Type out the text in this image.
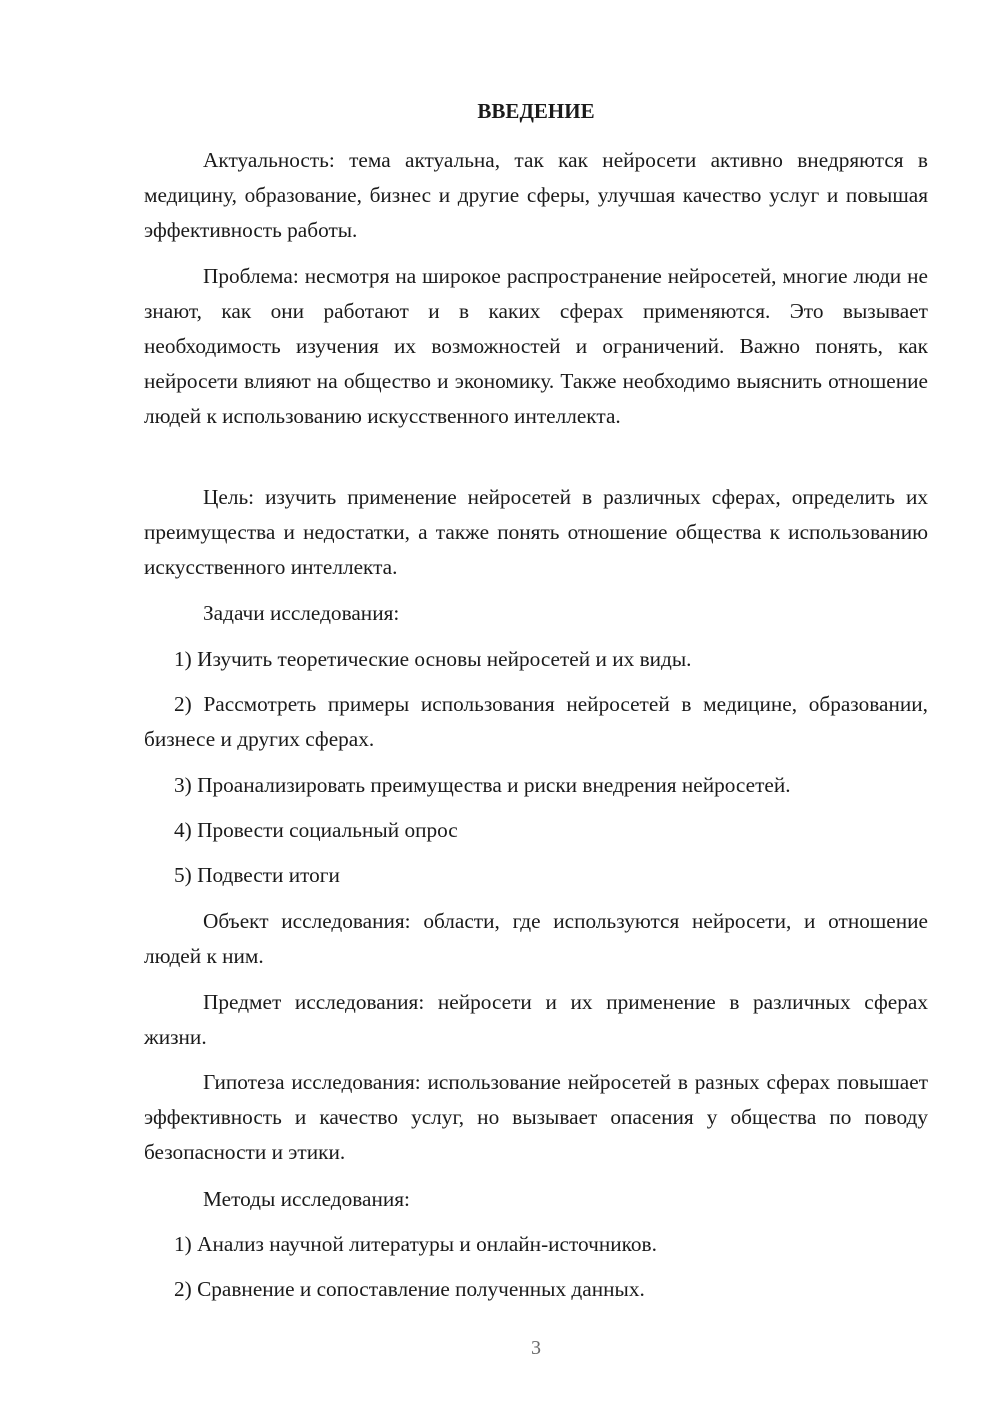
ВВЕДЕНИЕ

Актуальность: тема актуальна, так как нейросети активно внедряются в медицину, образование, бизнес и другие сферы, улучшая качество услуг и повышая эффективность работы.

Проблема: несмотря на широкое распространение нейросетей, многие люди не знают, как они работают и в каких сферах применяются. Это вызывает необходимость изучения их возможностей и ограничений. Важно понять, как нейросети влияют на общество и экономику. Также необходимо выяснить отношение людей к использованию искусственного интеллекта.

Цель: изучить применение нейросетей в различных сферах, определить их преимущества и недостатки, а также понять отношение общества к использованию искусственного интеллекта.

Задачи исследования:

1) Изучить теоретические основы нейросетей и их виды.

2) Рассмотреть примеры использования нейросетей в медицине, образовании, бизнесе и других сферах.

3) Проанализировать преимущества и риски внедрения нейросетей.

4) Провести социальный опрос

5) Подвести итоги

Объект исследования: области, где используются нейросети, и отношение людей к ним.

Предмет исследования: нейросети и их применение в различных сферах жизни.

Гипотеза исследования: использование нейросетей в разных сферах повышает эффективность и качество услуг, но вызывает опасения у общества по поводу безопасности и этики.

Методы исследования:

1) Анализ научной литературы и онлайн-источников.

2) Сравнение и сопоставление полученных данных.

3
